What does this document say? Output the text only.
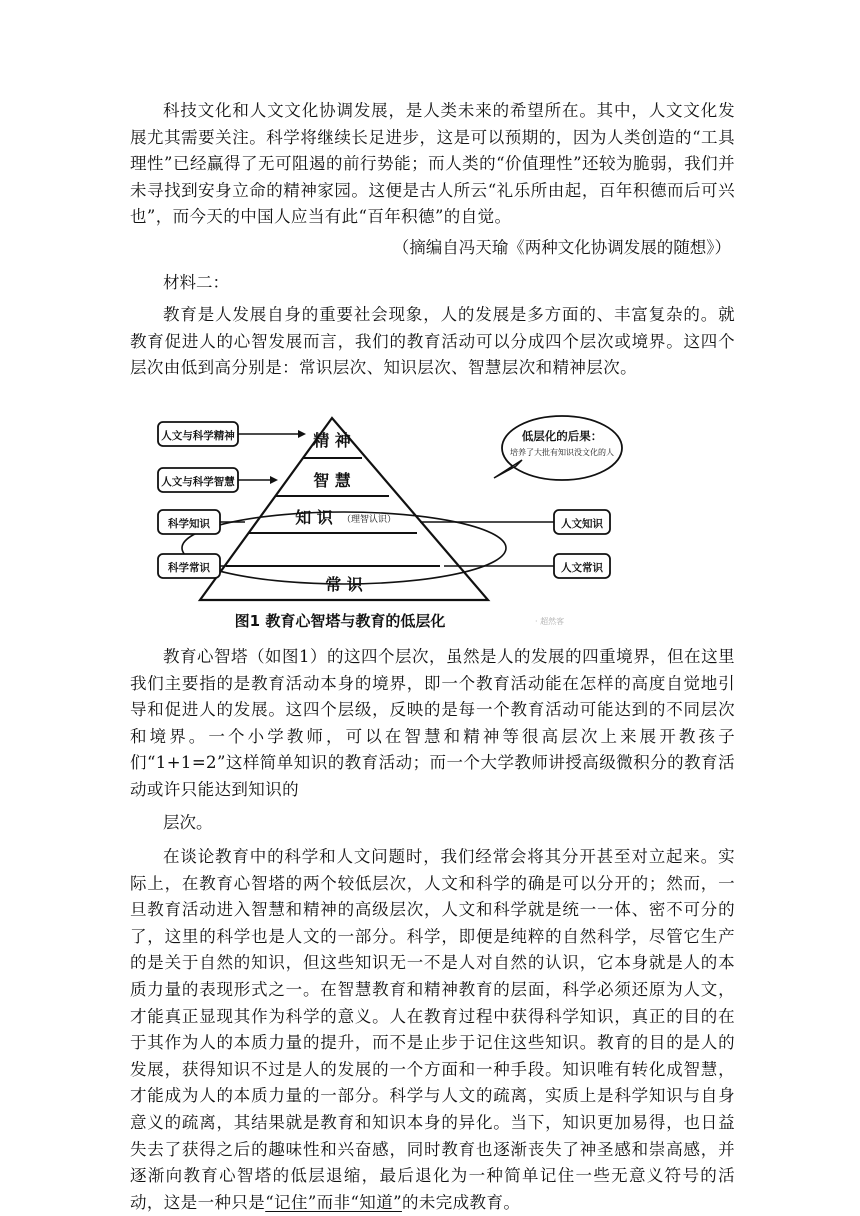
科技文化和人文文化协调发展，是人类未来的希望所在。其中，人文文化发展尤其需要关注。科学将继续长足进步，这是可以预期的，因为人类创造的“工具理性”已经赢得了无可阻遏的前行势能；而人类的“价值理性”还较为脆弱，我们并未寻找到安身立命的精神家园。这便是古人所云“礼乐所由起，百年积德而后可兴也”，而今天的中国人应当有此“百年积德”的自觉。

（摘编自冯天瑜《两种文化协调发展的随想》）

材料二：

教育是人发展自身的重要社会现象，人的发展是多方面的、丰富复杂的。就教育促进人的心智发展而言，我们的教育活动可以分成四个层次或境界。这四个层次由低到高分别是：常识层次、知识层次、智慧层次和精神层次。

精 神
智 慧
知 识 （理智认识）
常 识
人文与科学精神
人文与科学智慧
科学知识
科学常识
人文知识
人文常识
低层化的后果：
培养了大批有知识没文化的人
图1 教育心智塔与教育的低层化	· 超然客

教育心智塔（如图1）的这四个层次，虽然是人的发展的四重境界，但在这里我们主要指的是教育活动本身的境界，即一个教育活动能在怎样的高度自觉地引导和促进人的发展。这四个层级，反映的是每一个教育活动可能达到的不同层次和境界。一个小学教师，可以在智慧和精神等很高层次上来展开教孩子们“1+1=2”这样简单知识的教育活动；而一个大学教师讲授高级微积分的教育活动或许只能达到知识的

层次。

在谈论教育中的科学和人文问题时，我们经常会将其分开甚至对立起来。实际上，在教育心智塔的两个较低层次，人文和科学的确是可以分开的；然而，一旦教育活动进入智慧和精神的高级层次，人文和科学就是统一一体、密不可分的了，这里的科学也是人文的一部分。科学，即便是纯粹的自然科学，尽管它生产的是关于自然的知识，但这些知识无一不是人对自然的认识，它本身就是人的本质力量的表现形式之一。在智慧教育和精神教育的层面，科学必须还原为人文，才能真正显现其作为科学的意义。人在教育过程中获得科学知识，真正的目的在于其作为人的本质力量的提升，而不是止步于记住这些知识。教育的目的是人的发展，获得知识不过是人的发展的一个方面和一种手段。知识唯有转化成智慧，才能成为人的本质力量的一部分。科学与人文的疏离，实质上是科学知识与自身意义的疏离，其结果就是教育和知识本身的异化。当下，知识更加易得，也日益失去了获得之后的趣味性和兴奋感，同时教育也逐渐丧失了神圣感和崇高感，并逐渐向教育心智塔的低层退缩，最后退化为一种简单记住一些无意义符号的活动，这是一种只是“记住”而非“知道”的未完成教育。
